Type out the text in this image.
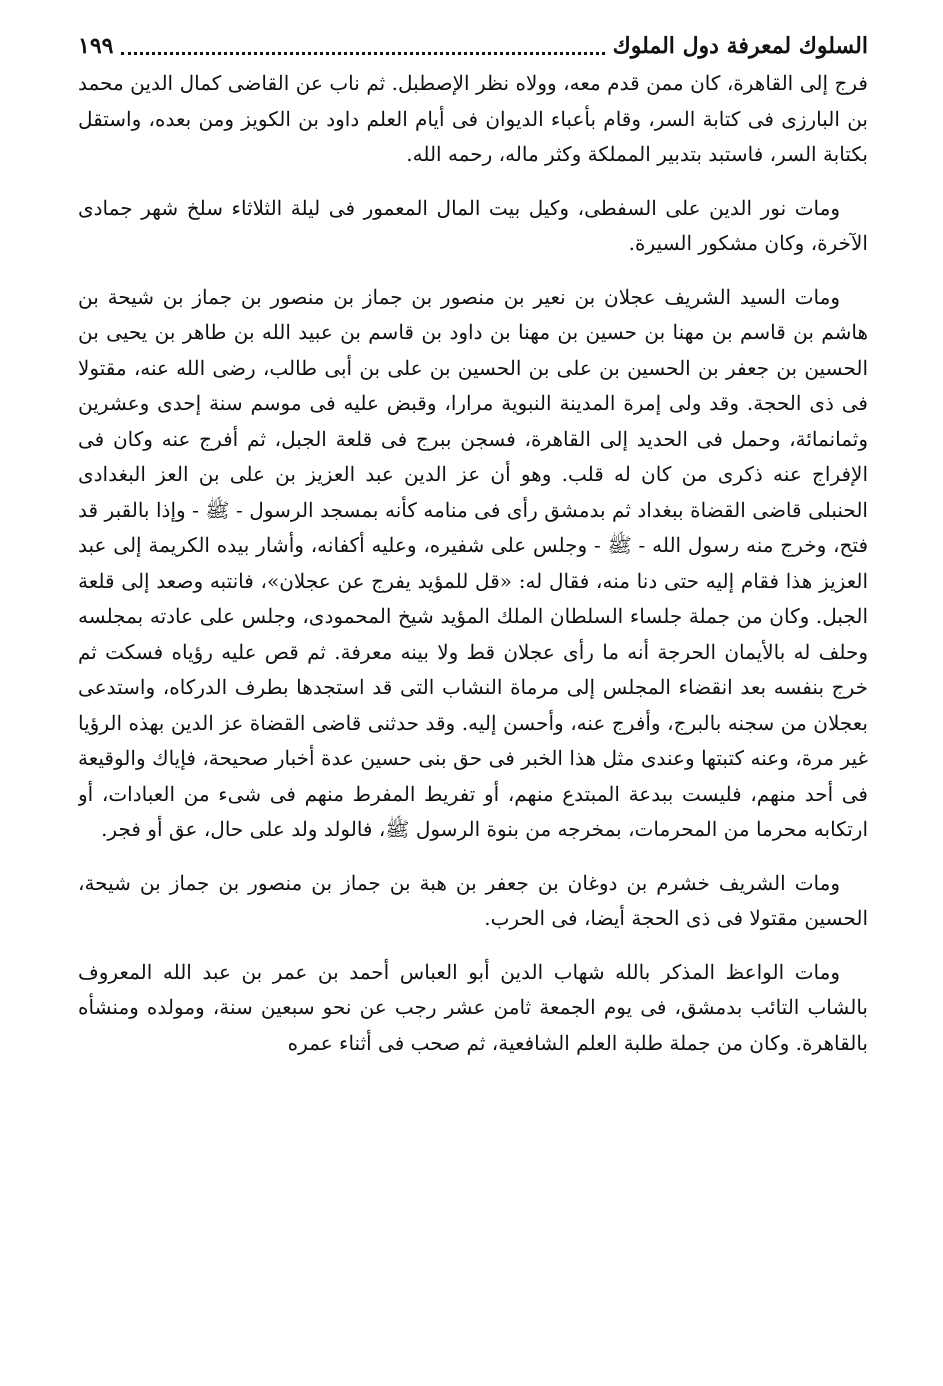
السلوك لمعرفة دول الملوك
١٩٩

فرج إلى القاهرة، كان ممن قدم معه، وولاه نظر الإصطبل. ثم ناب عن القاضى كمال الدين محمد بن البارزى فى كتابة السر، وقام بأعباء الديوان فى أيام العلم داود بن الكويز ومن بعده، واستقل بكتابة السر، فاستبد بتدبير المملكة وكثر ماله، رحمه الله.

ومات نور الدين على السفطى، وكيل بيت المال المعمور فى ليلة الثلاثاء سلخ شهر جمادى الآخرة، وكان مشكور السيرة.

ومات السيد الشريف عجلان بن نعير بن منصور بن جماز بن منصور بن جماز بن شيحة بن هاشم بن قاسم بن مهنا بن حسين بن مهنا بن داود بن قاسم بن عبيد الله بن طاهر بن يحيى بن الحسين بن جعفر بن الحسين بن على بن الحسين بن على بن أبى طالب، رضى الله عنه، مقتولا فى ذى الحجة. وقد ولى إمرة المدينة النبوية مرارا، وقبض عليه فى موسم سنة إحدى وعشرين وثمانمائة، وحمل فى الحديد إلى القاهرة، فسجن ببرج فى قلعة الجبل، ثم أفرج عنه وكان فى الإفراج عنه ذكرى من كان له قلب. وهو أن عز الدين عبد العزيز بن على بن العز البغدادى الحنبلى قاضى القضاة ببغداد ثم بدمشق رأى فى منامه كأنه بمسجد الرسول - ﷺ - وإذا بالقبر قد فتح، وخرج منه رسول الله - ﷺ - وجلس على شفيره، وعليه أكفانه، وأشار بيده الكريمة إلى عبد العزيز هذا فقام إليه حتى دنا منه، فقال له: «قل للمؤيد يفرج عن عجلان»، فانتبه وصعد إلى قلعة الجبل. وكان من جملة جلساء السلطان الملك المؤيد شيخ المحمودى، وجلس على عادته بمجلسه وحلف له بالأيمان الحرجة أنه ما رأى عجلان قط ولا بينه معرفة. ثم قص عليه رؤياه فسكت ثم خرج بنفسه بعد انقضاء المجلس إلى مرماة النشاب التى قد استجدها بطرف الدركاه، واستدعى بعجلان من سجنه بالبرج، وأفرج عنه، وأحسن إليه. وقد حدثنى قاضى القضاة عز الدين بهذه الرؤيا غير مرة، وعنه كتبتها وعندى مثل هذا الخبر فى حق بنى حسين عدة أخبار صحيحة، فإياك والوقيعة فى أحد منهم، فليست ببدعة المبتدع منهم، أو تفريط المفرط منهم فى شىء من العبادات، أو ارتكابه محرما من المحرمات، بمخرجه من بنوة الرسول ﷺ، فالولد ولد على حال، عق أو فجر.

ومات الشريف خشرم بن دوغان بن جعفر بن هبة بن جماز بن منصور بن جماز بن شيحة، الحسين مقتولا فى ذى الحجة أيضا، فى الحرب.

ومات الواعظ المذكر بالله شهاب الدين أبو العباس أحمد بن عمر بن عبد الله المعروف بالشاب التائب بدمشق، فى يوم الجمعة ثامن عشر رجب عن نحو سبعين سنة، ومولده ومنشأه بالقاهرة. وكان من جملة طلبة العلم الشافعية، ثم صحب فى أثناء عمره
